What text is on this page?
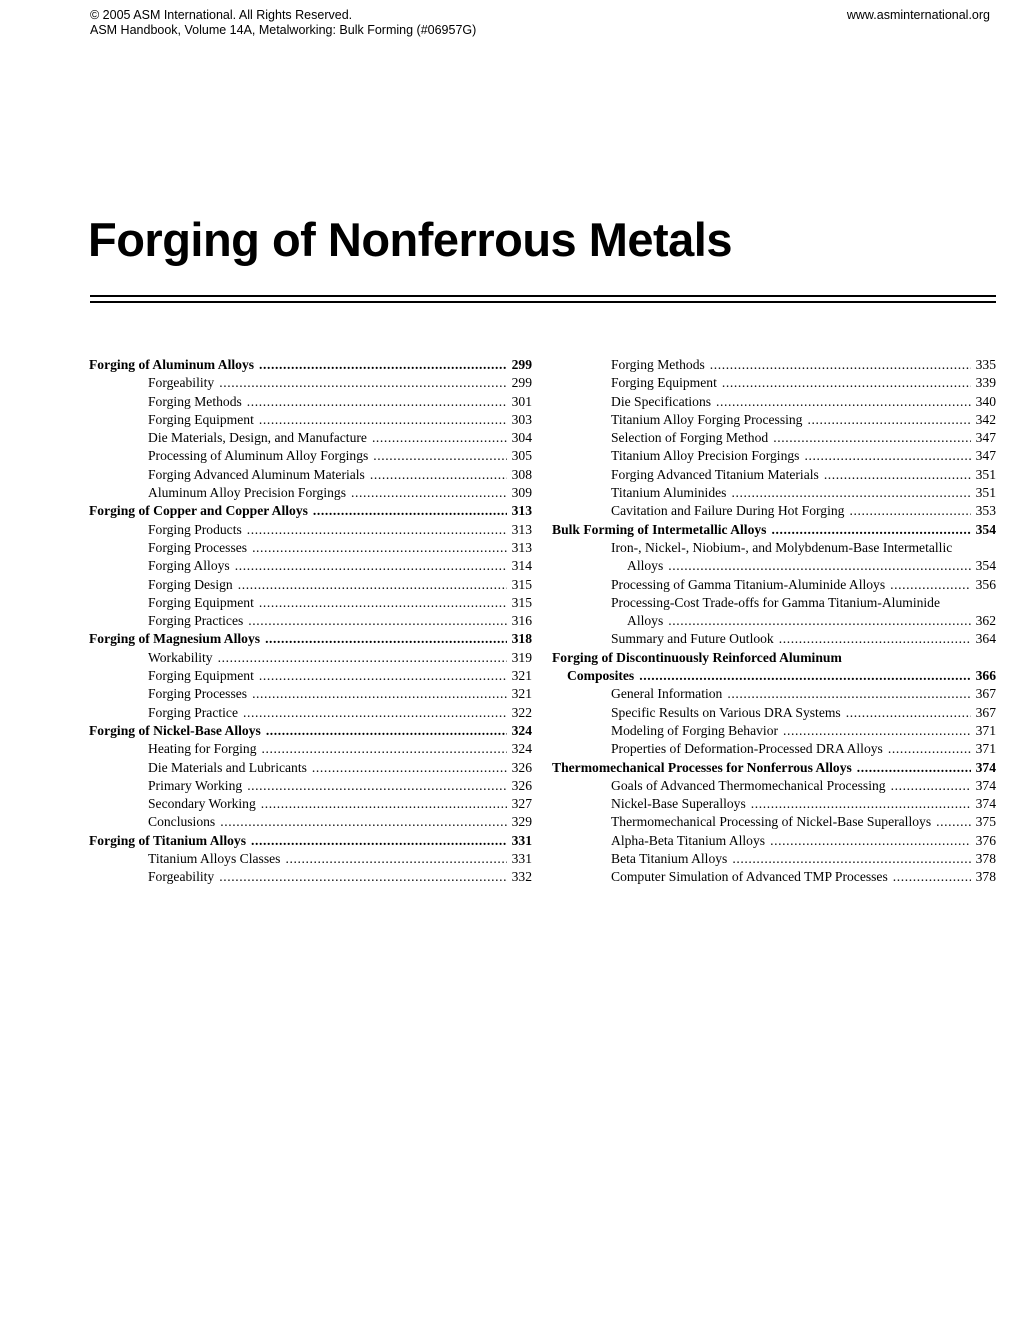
© 2005 ASM International. All Rights Reserved.
ASM Handbook, Volume 14A, Metalworking: Bulk Forming (#06957G)
www.asminternational.org
Forging of Nonferrous Metals
Forging of Aluminum Alloys .....	299
Forgeability .....	299
Forging Methods .....	301
Forging Equipment .....	303
Die Materials, Design, and Manufacture .....	304
Processing of Aluminum Alloy Forgings .....	305
Forging Advanced Aluminum Materials .....	308
Aluminum Alloy Precision Forgings .....	309
Forging of Copper and Copper Alloys .....	313
Forging Products .....	313
Forging Processes .....	313
Forging Alloys .....	314
Forging Design .....	315
Forging Equipment .....	315
Forging Practices .....	316
Forging of Magnesium Alloys .....	318
Workability .....	319
Forging Equipment .....	321
Forging Processes .....	321
Forging Practice .....	322
Forging of Nickel-Base Alloys .....	324
Heating for Forging .....	324
Die Materials and Lubricants .....	326
Primary Working .....	326
Secondary Working .....	327
Conclusions .....	329
Forging of Titanium Alloys .....	331
Titanium Alloys Classes .....	331
Forgeability .....	332
Forging Methods .....	335
Forging Equipment .....	339
Die Specifications .....	340
Titanium Alloy Forging Processing .....	342
Selection of Forging Method .....	347
Titanium Alloy Precision Forgings .....	347
Forging Advanced Titanium Materials .....	351
Titanium Aluminides .....	351
Cavitation and Failure During Hot Forging .....	353
Bulk Forming of Intermetallic Alloys .....	354
Iron-, Nickel-, Niobium-, and Molybdenum-Base Intermetallic
Alloys .....	354
Processing of Gamma Titanium-Aluminide Alloys .....	356
Processing-Cost Trade-offs for Gamma Titanium-Aluminide
Alloys .....	362
Summary and Future Outlook .....	364
Forging of Discontinuously Reinforced Aluminum
Composites .....	366
General Information .....	367
Specific Results on Various DRA Systems .....	367
Modeling of Forging Behavior .....	371
Properties of Deformation-Processed DRA Alloys .....	371
Thermomechanical Processes for Nonferrous Alloys .....	374
Goals of Advanced Thermomechanical Processing .....	374
Nickel-Base Superalloys .....	374
Thermomechanical Processing of Nickel-Base Superalloys .....	375
Alpha-Beta Titanium Alloys .....	376
Beta Titanium Alloys .....	378
Computer Simulation of Advanced TMP Processes .....	378
